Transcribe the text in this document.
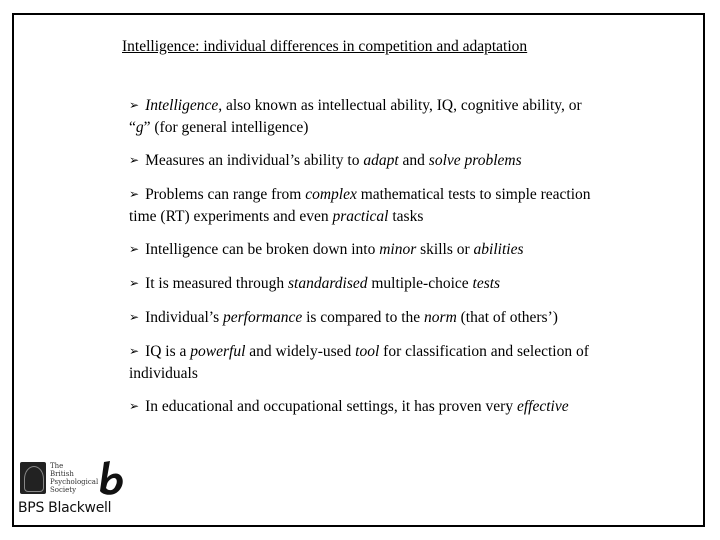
Intelligence: individual differences in competition and adaptation
➢ Intelligence, also known as intellectual ability, IQ, cognitive ability, or “g” (for general intelligence)
➢ Measures an individual’s ability to adapt and solve problems
➢ Problems can range from complex mathematical tests to simple reaction time (RT) experiments and even practical tasks
➢ Intelligence can be broken down into minor skills or abilities
➢ It is measured through standardised multiple-choice tests
➢ Individual’s performance is compared to the norm (that of others’)
➢ IQ is a powerful and widely-used tool for classification and selection of individuals
➢ In educational and occupational settings, it has proven very effective
The
British
Psychological
Society
BPS Blackwell
